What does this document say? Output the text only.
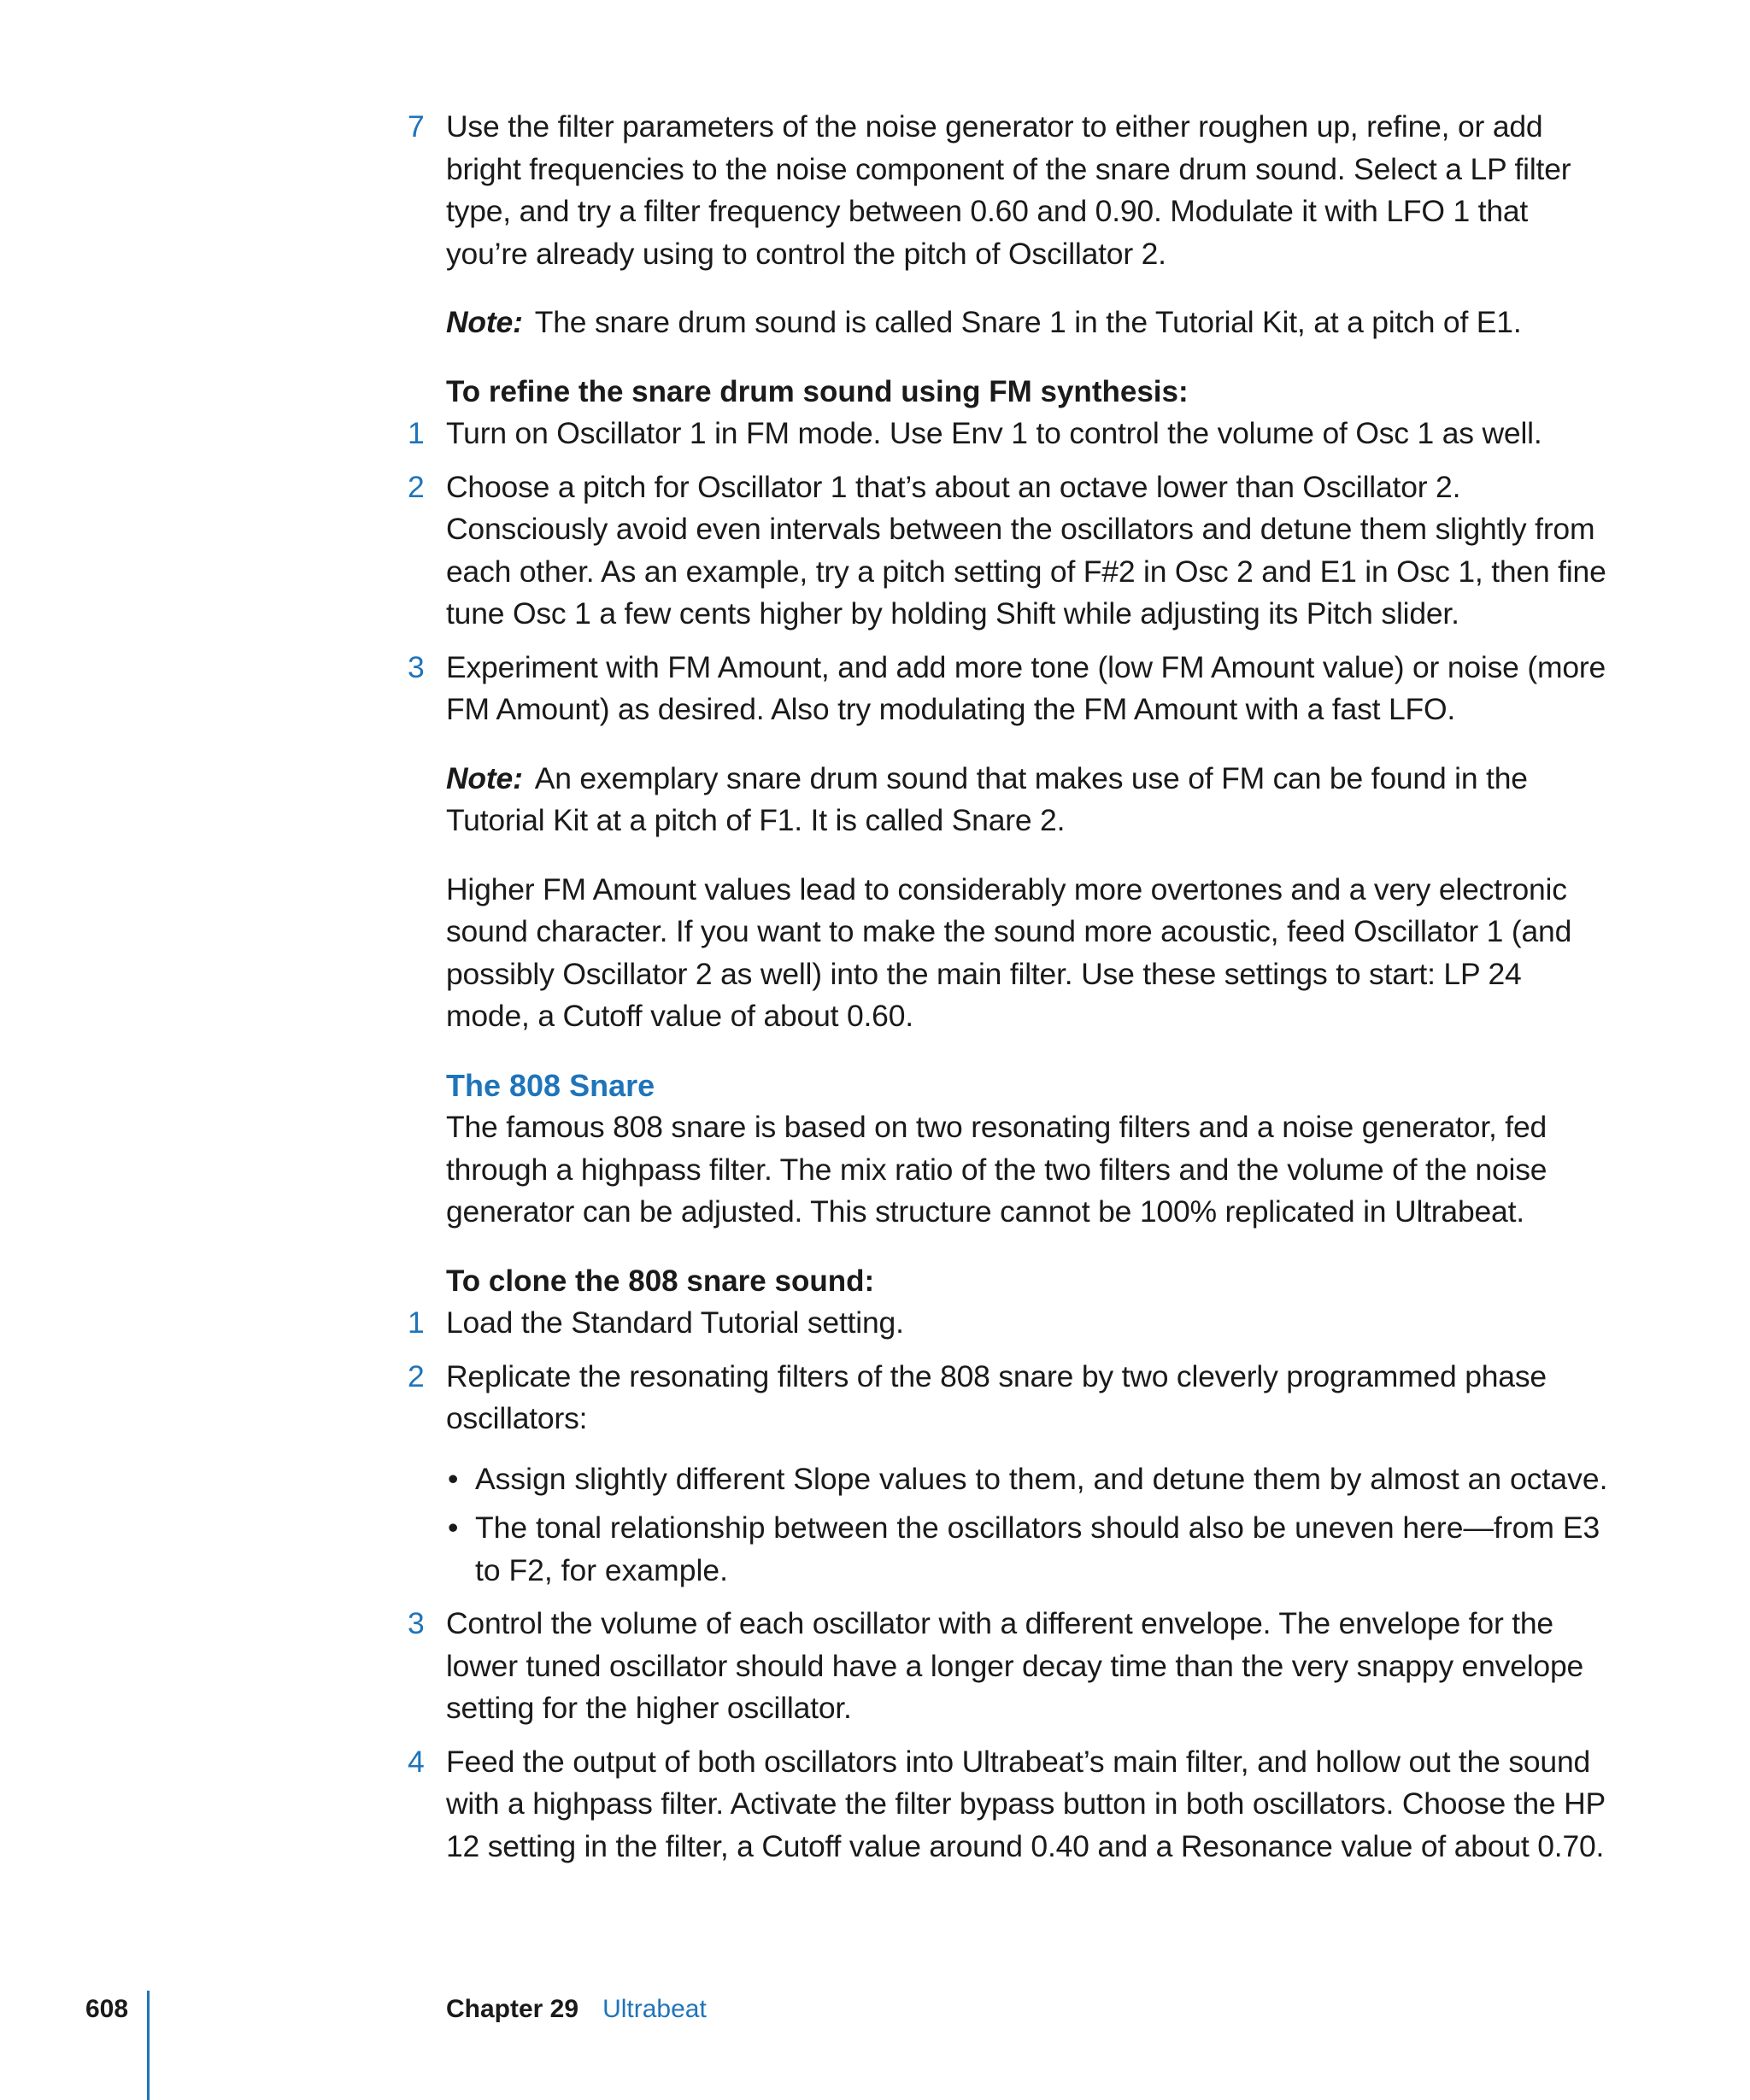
7 Use the filter parameters of the noise generator to either roughen up, refine, or add bright frequencies to the noise component of the snare drum sound. Select a LP filter type, and try a filter frequency between 0.60 and 0.90. Modulate it with LFO 1 that you’re already using to control the pitch of Oscillator 2.
Note: The snare drum sound is called Snare 1 in the Tutorial Kit, at a pitch of E1.
To refine the snare drum sound using FM synthesis:
1 Turn on Oscillator 1 in FM mode. Use Env 1 to control the volume of Osc 1 as well.
2 Choose a pitch for Oscillator 1 that’s about an octave lower than Oscillator 2. Consciously avoid even intervals between the oscillators and detune them slightly from each other. As an example, try a pitch setting of F#2 in Osc 2 and E1 in Osc 1, then fine tune Osc 1 a few cents higher by holding Shift while adjusting its Pitch slider.
3 Experiment with FM Amount, and add more tone (low FM Amount value) or noise (more FM Amount) as desired. Also try modulating the FM Amount with a fast LFO.
Note: An exemplary snare drum sound that makes use of FM can be found in the Tutorial Kit at a pitch of F1. It is called Snare 2.
Higher FM Amount values lead to considerably more overtones and a very electronic sound character. If you want to make the sound more acoustic, feed Oscillator 1 (and possibly Oscillator 2 as well) into the main filter. Use these settings to start: LP 24 mode, a Cutoff value of about 0.60.
The 808 Snare
The famous 808 snare is based on two resonating filters and a noise generator, fed through a highpass filter. The mix ratio of the two filters and the volume of the noise generator can be adjusted. This structure cannot be 100% replicated in Ultrabeat.
To clone the 808 snare sound:
1 Load the Standard Tutorial setting.
2 Replicate the resonating filters of the 808 snare by two cleverly programmed phase oscillators:
• Assign slightly different Slope values to them, and detune them by almost an octave.
• The tonal relationship between the oscillators should also be uneven here—from E3 to F2, for example.
3 Control the volume of each oscillator with a different envelope. The envelope for the lower tuned oscillator should have a longer decay time than the very snappy envelope setting for the higher oscillator.
4 Feed the output of both oscillators into Ultrabeat’s main filter, and hollow out the sound with a highpass filter. Activate the filter bypass button in both oscillators. Choose the HP 12 setting in the filter, a Cutoff value around 0.40 and a Resonance value of about 0.70.
608	Chapter 29 Ultrabeat
